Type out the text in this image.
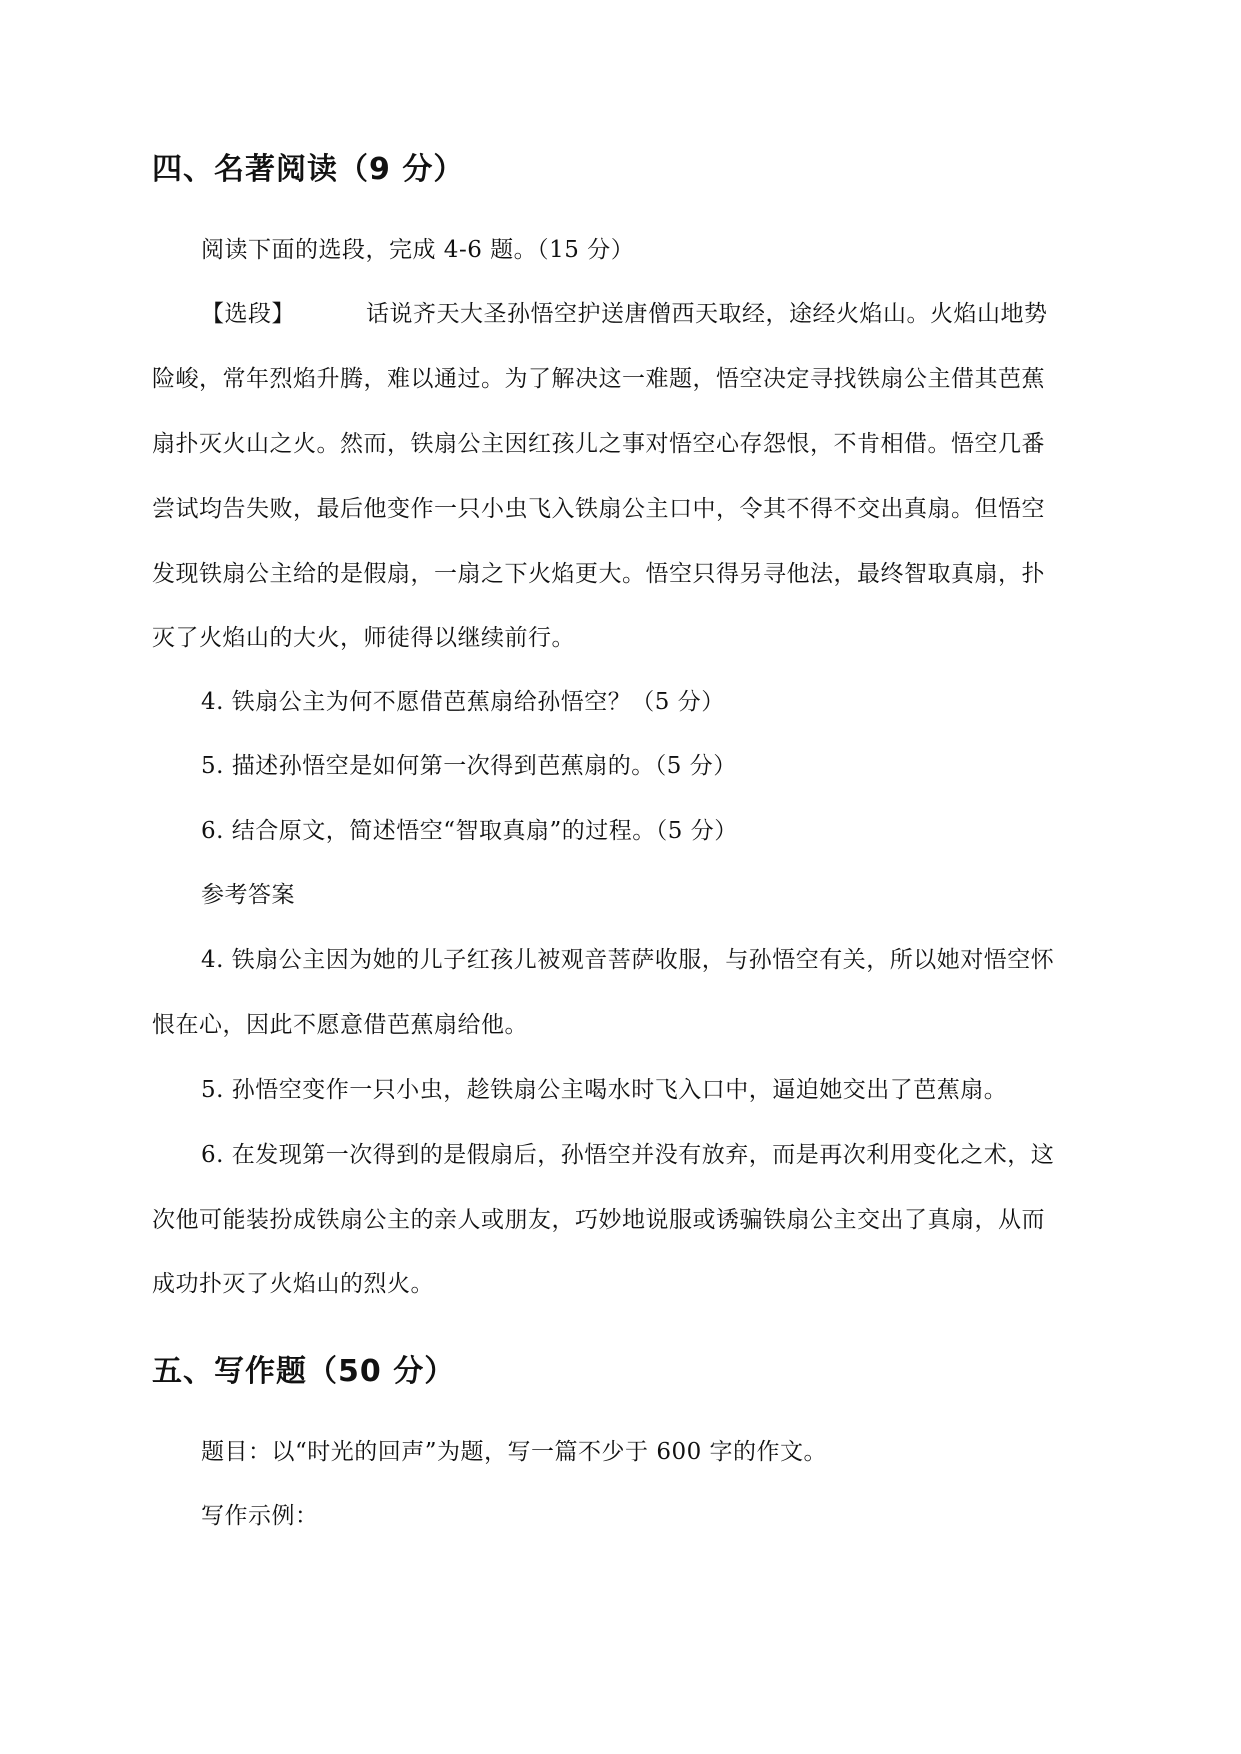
四、名著阅读（9 分）
阅读下面的选段，完成 4-6 题。（15 分）
【选段】	话说齐天大圣孙悟空护送唐僧西天取经，途经火焰山。火焰山地势
险峻，常年烈焰升腾，难以通过。为了解决这一难题，悟空决定寻找铁扇公主借其芭蕉
扇扑灭火山之火。然而，铁扇公主因红孩儿之事对悟空心存怨恨，不肯相借。悟空几番
尝试均告失败，最后他变作一只小虫飞入铁扇公主口中，令其不得不交出真扇。但悟空
发现铁扇公主给的是假扇，一扇之下火焰更大。悟空只得另寻他法，最终智取真扇，扑
灭了火焰山的大火，师徒得以继续前行。
4. 铁扇公主为何不愿借芭蕉扇给孙悟空？（5 分）
5. 描述孙悟空是如何第一次得到芭蕉扇的。（5 分）
6. 结合原文，简述悟空“智取真扇”的过程。（5 分）
参考答案
4. 铁扇公主因为她的儿子红孩儿被观音菩萨收服，与孙悟空有关，所以她对悟空怀
恨在心，因此不愿意借芭蕉扇给他。
5. 孙悟空变作一只小虫，趁铁扇公主喝水时飞入口中，逼迫她交出了芭蕉扇。
6. 在发现第一次得到的是假扇后，孙悟空并没有放弃，而是再次利用变化之术，这
次他可能装扮成铁扇公主的亲人或朋友，巧妙地说服或诱骗铁扇公主交出了真扇，从而
成功扑灭了火焰山的烈火。
五、写作题（50 分）
题目：以“时光的回声”为题，写一篇不少于 600 字的作文。
写作示例：
